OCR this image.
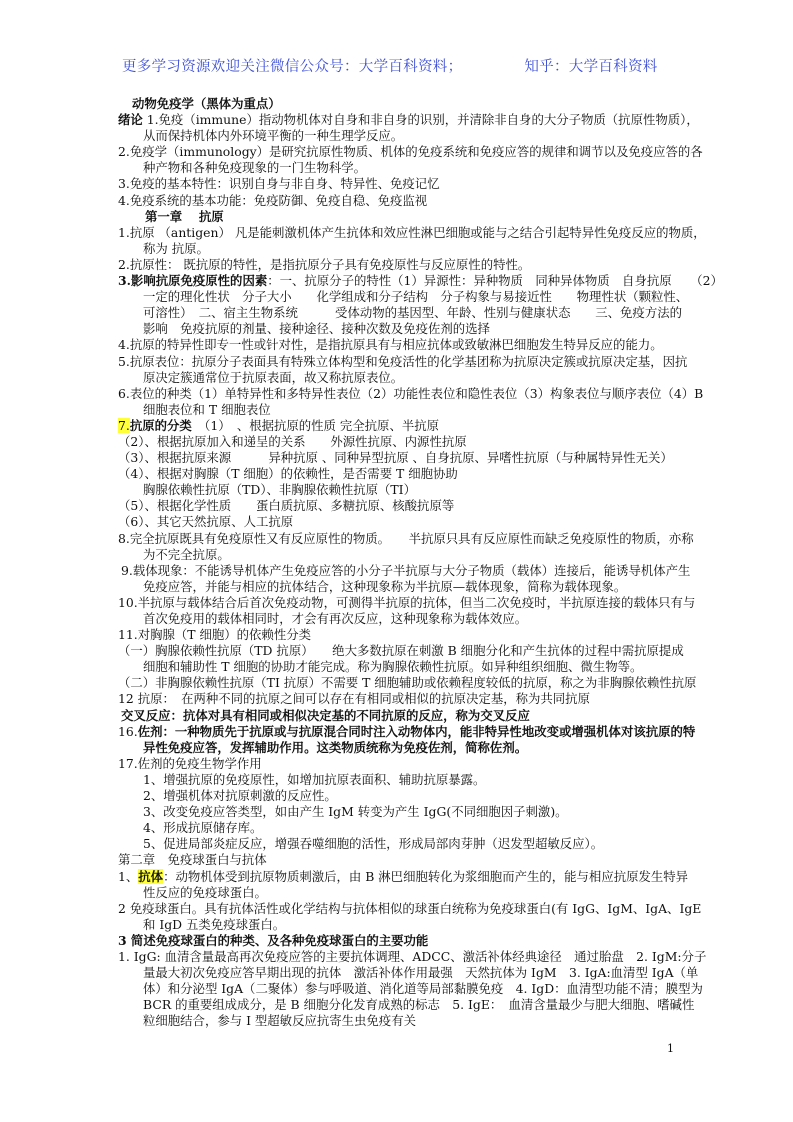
更多学习资源欢迎关注微信公众号：大学百科资料；	知乎：大学百科资料
动物免疫学（黑体为重点）
绪论 1.免疫（immune）指动物机体对自身和非自身的识别，并清除非自身的大分子物质（抗原性物质），
从而保持机体内外环境平衡的一种生理学反应。
2.免疫学（immunology）是研究抗原性物质、机体的免疫系统和免疫应答的规律和调节以及免疫应答的各
种产物和各种免疫现象的一门生物科学。
3.免疫的基本特性：识别自身与非自身、特异性、免疫记忆
4.免疫系统的基本功能：免疫防御、免疫自稳、免疫监视
第一章　 抗原
1.抗原 （antigen） 凡是能刺激机体产生抗体和效应性淋巴细胞或能与之结合引起特异性免疫反应的物质，
称为 抗原。
2.抗原性： 既抗原的特性，是指抗原分子具有免疫原性与反应原性的特性。
3.影响抗原免疫原性的因素：一、抗原分子的特性（1）异源性：异种物质　同种异体物质　自身抗原　　（2）
一定的理化性状　分子大小　　化学组成和分子结构　分子构象与易接近性　　物理性状（颗粒性、
可溶性）　二、宿主生物系统　　　受体动物的基因型、年龄、性别与健康状态　　三、免疫方法的
影响　免疫抗原的剂量、接种途径、接种次数及免疫佐剂的选择
4.抗原的特异性即专一性或针对性，是指抗原具有与相应抗体或致敏淋巴细胞发生特异反应的能力。
5.抗原表位：抗原分子表面具有特殊立体构型和免疫活性的化学基团称为抗原决定簇或抗原决定基，因抗
原决定簇通常位于抗原表面，故又称抗原表位。
6.表位的种类（1）单特异性和多特异性表位（2）功能性表位和隐性表位（3）构象表位与顺序表位（4）B
细胞表位和 T 细胞表位
7.抗原的分类　（1）　、根据抗原的性质 完全抗原、半抗原
（2）、根据抗原加入和递呈的关系　　外源性抗原、内源性抗原
（3）、根据抗原来源　　　异种抗原 、同种异型抗原 、自身抗原、异嗜性抗原（与种属特异性无关）
（4）、根据对胸腺（T 细胞）的依赖性，是否需要 T 细胞协助
胸腺依赖性抗原（TD）、非胸腺依赖性抗原（TI）
（5）、根据化学性质　　蛋白质抗原、多糖抗原、核酸抗原等
（6）、其它天然抗原、人工抗原
8.完全抗原既具有免疫原性又有反应原性的物质。　　半抗原只具有反应原性而缺乏免疫原性的物质，亦称
为不完全抗原。
9.载体现象：不能诱导机体产生免疫应答的小分子半抗原与大分子物质（载体）连接后，能诱导机体产生
免疫应答，并能与相应的抗体结合，这种现象称为半抗原—载体现象，简称为载体现象。
10.半抗原与载体结合后首次免疫动物，可测得半抗原的抗体，但当二次免疫时，半抗原连接的载体只有与
首次免疫用的载体相同时，才会有再次反应，这种现象称为载体效应。
11.对胸腺（T 细胞）的依赖性分类
（一）胸腺依赖性抗原（TD 抗原）　　绝大多数抗原在刺激 B 细胞分化和产生抗体的过程中需抗原提成
细胞和辅助性 T 细胞的协助才能完成。称为胸腺依赖性抗原。如异种组织细胞、微生物等。
（二）非胸腺依赖性抗原（TI 抗原）不需要 T 细胞辅助或依赖程度较低的抗原，称之为非胸腺依赖性抗原
12 抗原：　在两种不同的抗原之间可以存在有相同或相似的抗原决定基，称为共同抗原
交叉反应：抗体对具有相同或相似决定基的不同抗原的反应，称为交叉反应
16.佐剂：一种物质先于抗原或与抗原混合同时注入动物体内，能非特异性地改变或增强机体对该抗原的特
异性免疫应答，发挥辅助作用。这类物质统称为免疫佐剂，简称佐剂。
17.佐剂的免疫生物学作用
1、增强抗原的免疫原性，如增加抗原表面积、辅助抗原暴露。
2、增强机体对抗原刺激的反应性。
3、改变免疫应答类型，如由产生 IgM 转变为产生 IgG(不同细胞因子刺激)。
4、形成抗原储存库。
5、促进局部炎症反应，增强吞噬细胞的活性，形成局部肉芽肿（迟发型超敏反应）。
第二章　免疫球蛋白与抗体
1、抗体：动物机体受到抗原物质刺激后，由 B 淋巴细胞转化为浆细胞而产生的，能与相应抗原发生特异
性反应的免疫球蛋白。
2 免疫球蛋白。具有抗体活性或化学结构与抗体相似的球蛋白统称为免疫球蛋白(有 IgG、IgM、IgA、IgE
和 IgD 五类免疫球蛋白。
3 简述免疫球蛋白的种类、及各种免疫球蛋白的主要功能
1. IgG: 血清含量最高再次免疫应答的主要抗体调理、ADCC、激活补体经典途径　通过胎盘　2. IgM:分子
量最大初次免疫应答早期出现的抗体　激活补体作用最强　天然抗体为 IgM　3. IgA:血清型 IgA（单
体）和分泌型 IgA（二聚体）参与呼吸道、消化道等局部黏膜免疫　4. IgD：血清型功能不清；膜型为
BCR 的重要组成成分，是 B 细胞分化发育成熟的标志　5. IgE：　血清含量最少与肥大细胞、嗜碱性
粒细胞结合，参与 I 型超敏反应抗寄生虫免疫有关
1
